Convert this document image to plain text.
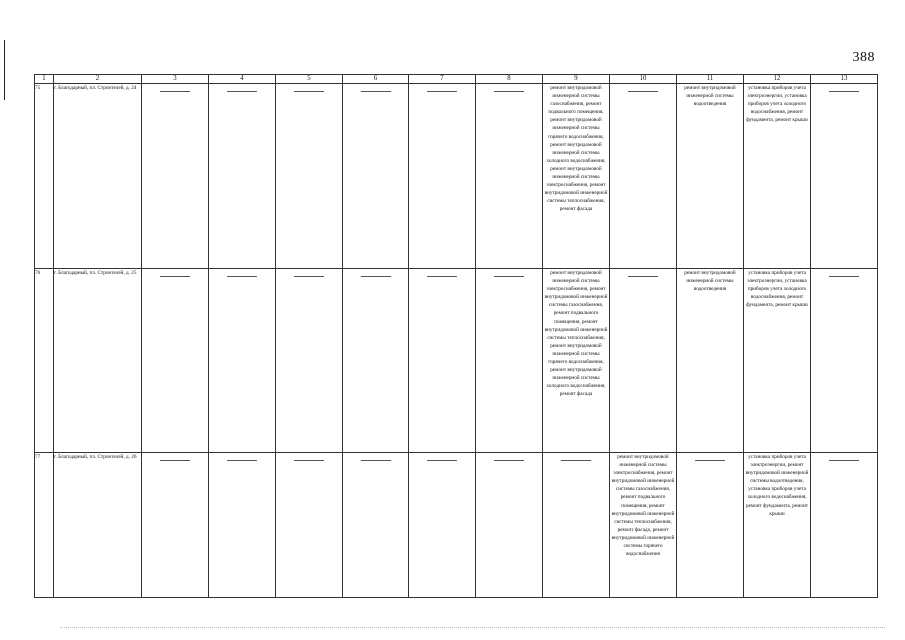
388
1	2	3	4	5	6	7	8	9	10	11	12	13
75	г. Благодарный, пл. Строителей, д. 24							ремонт внутридомовой инженерной системы газоснабжения, ремонт подвального помещения, ремонт внутридомовой инженерной системы горячего водоснабжения, ремонт внутридомовой инженерной системы холодного водоснабжения, ремонт внутридомовой инженерной системы электроснабжения, ремонт внутридомовой инженерной системы теплоснабжения, ремонт фасада		ремонт внутридомовой инженерной системы водоотведения	установка приборов учета электроэнергии, установка приборов учета холодного водоснабжения, ремонт фундамента, ремонт крыши	
76	г. Благодарный, пл. Строителей, д. 25							ремонт внутридомовой инженерной системы электроснабжения, ремонт внутридомовой инженерной системы газоснабжения, ремонт подвального помещения, ремонт внутридомовой инженерной системы теплоснабжения, ремонт внутридомовой инженерной системы горячего водоснабжения, ремонт внутридомовой инженерной системы холодного водоснабжения, ремонт фасада		ремонт внутридомовой инженерной системы водоотведения	установка приборов учета электроэнергии, установка приборов учета холодного водоснабжения, ремонт фундамента, ремонт крыши	
77	г. Благодарный, пл. Строителей, д. 26								ремонт внутридомовой инженерной системы электроснабжения, ремонт внутридомовой инженерной системы газоснабжения, ремонт подвального помещения, ремонт внутридомовой инженерной системы теплоснабжения, ремонт фасада, ремонт внутридомовой инженерной системы горячего водоснабжения		установка приборов учета электроэнергии, ремонт внутридомовой инженерной системы водоотведения, установка приборов учета холодного водоснабжения, ремонт фундамента, ремонт крыши	
